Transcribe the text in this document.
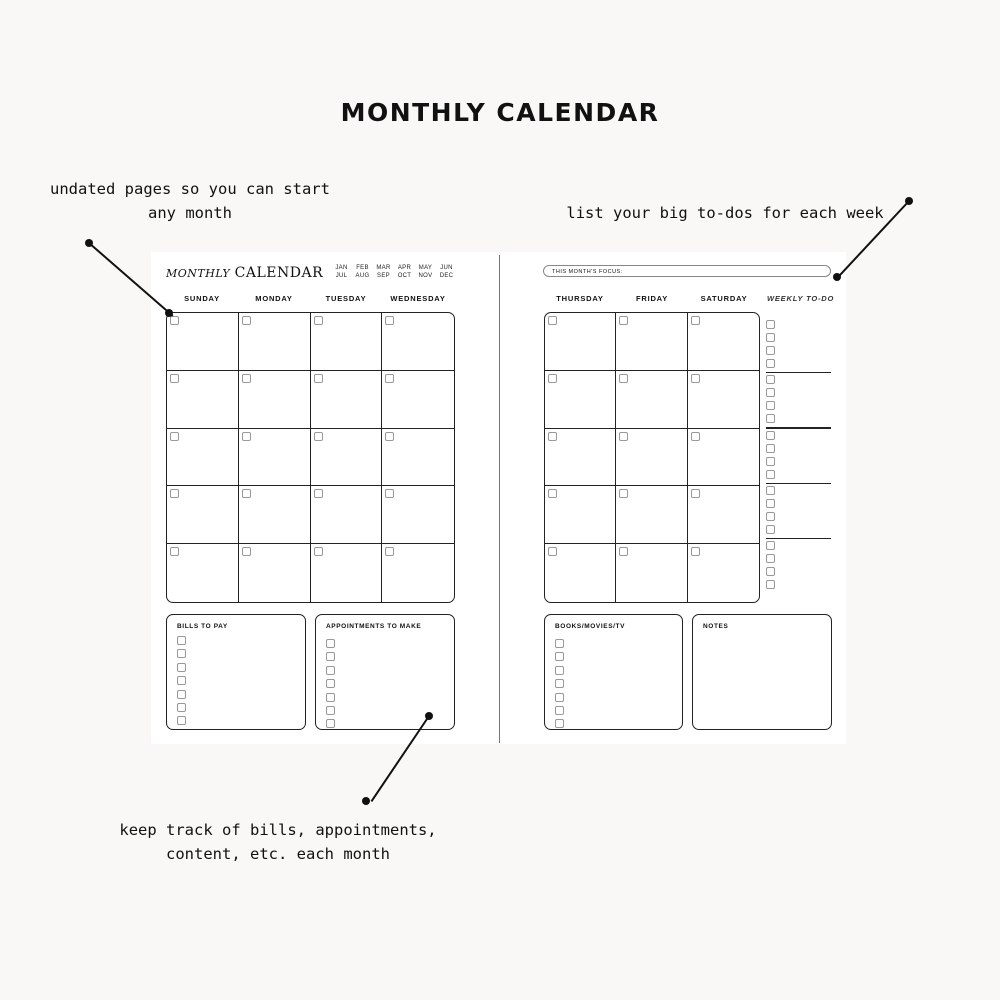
MONTHLY CALENDAR
undated pages so you can start
any month	list your big to-dos for each week
keep track of bills, appointments,
content, etc. each month
MONTHLY CALENDAR	JAN	FEB	MAR	APR	MAY	JUN
JUL	AUG	SEP	OCT	NOV	DEC
SUNDAY	MONDAY	TUESDAY	WEDNESDAY
BILLS TO PAY	APPOINTMENTS TO MAKE
THIS MONTH'S FOCUS:
THURSDAY	FRIDAY	SATURDAY	WEEKLY TO-DO
BOOKS/MOVIES/TV	NOTES
